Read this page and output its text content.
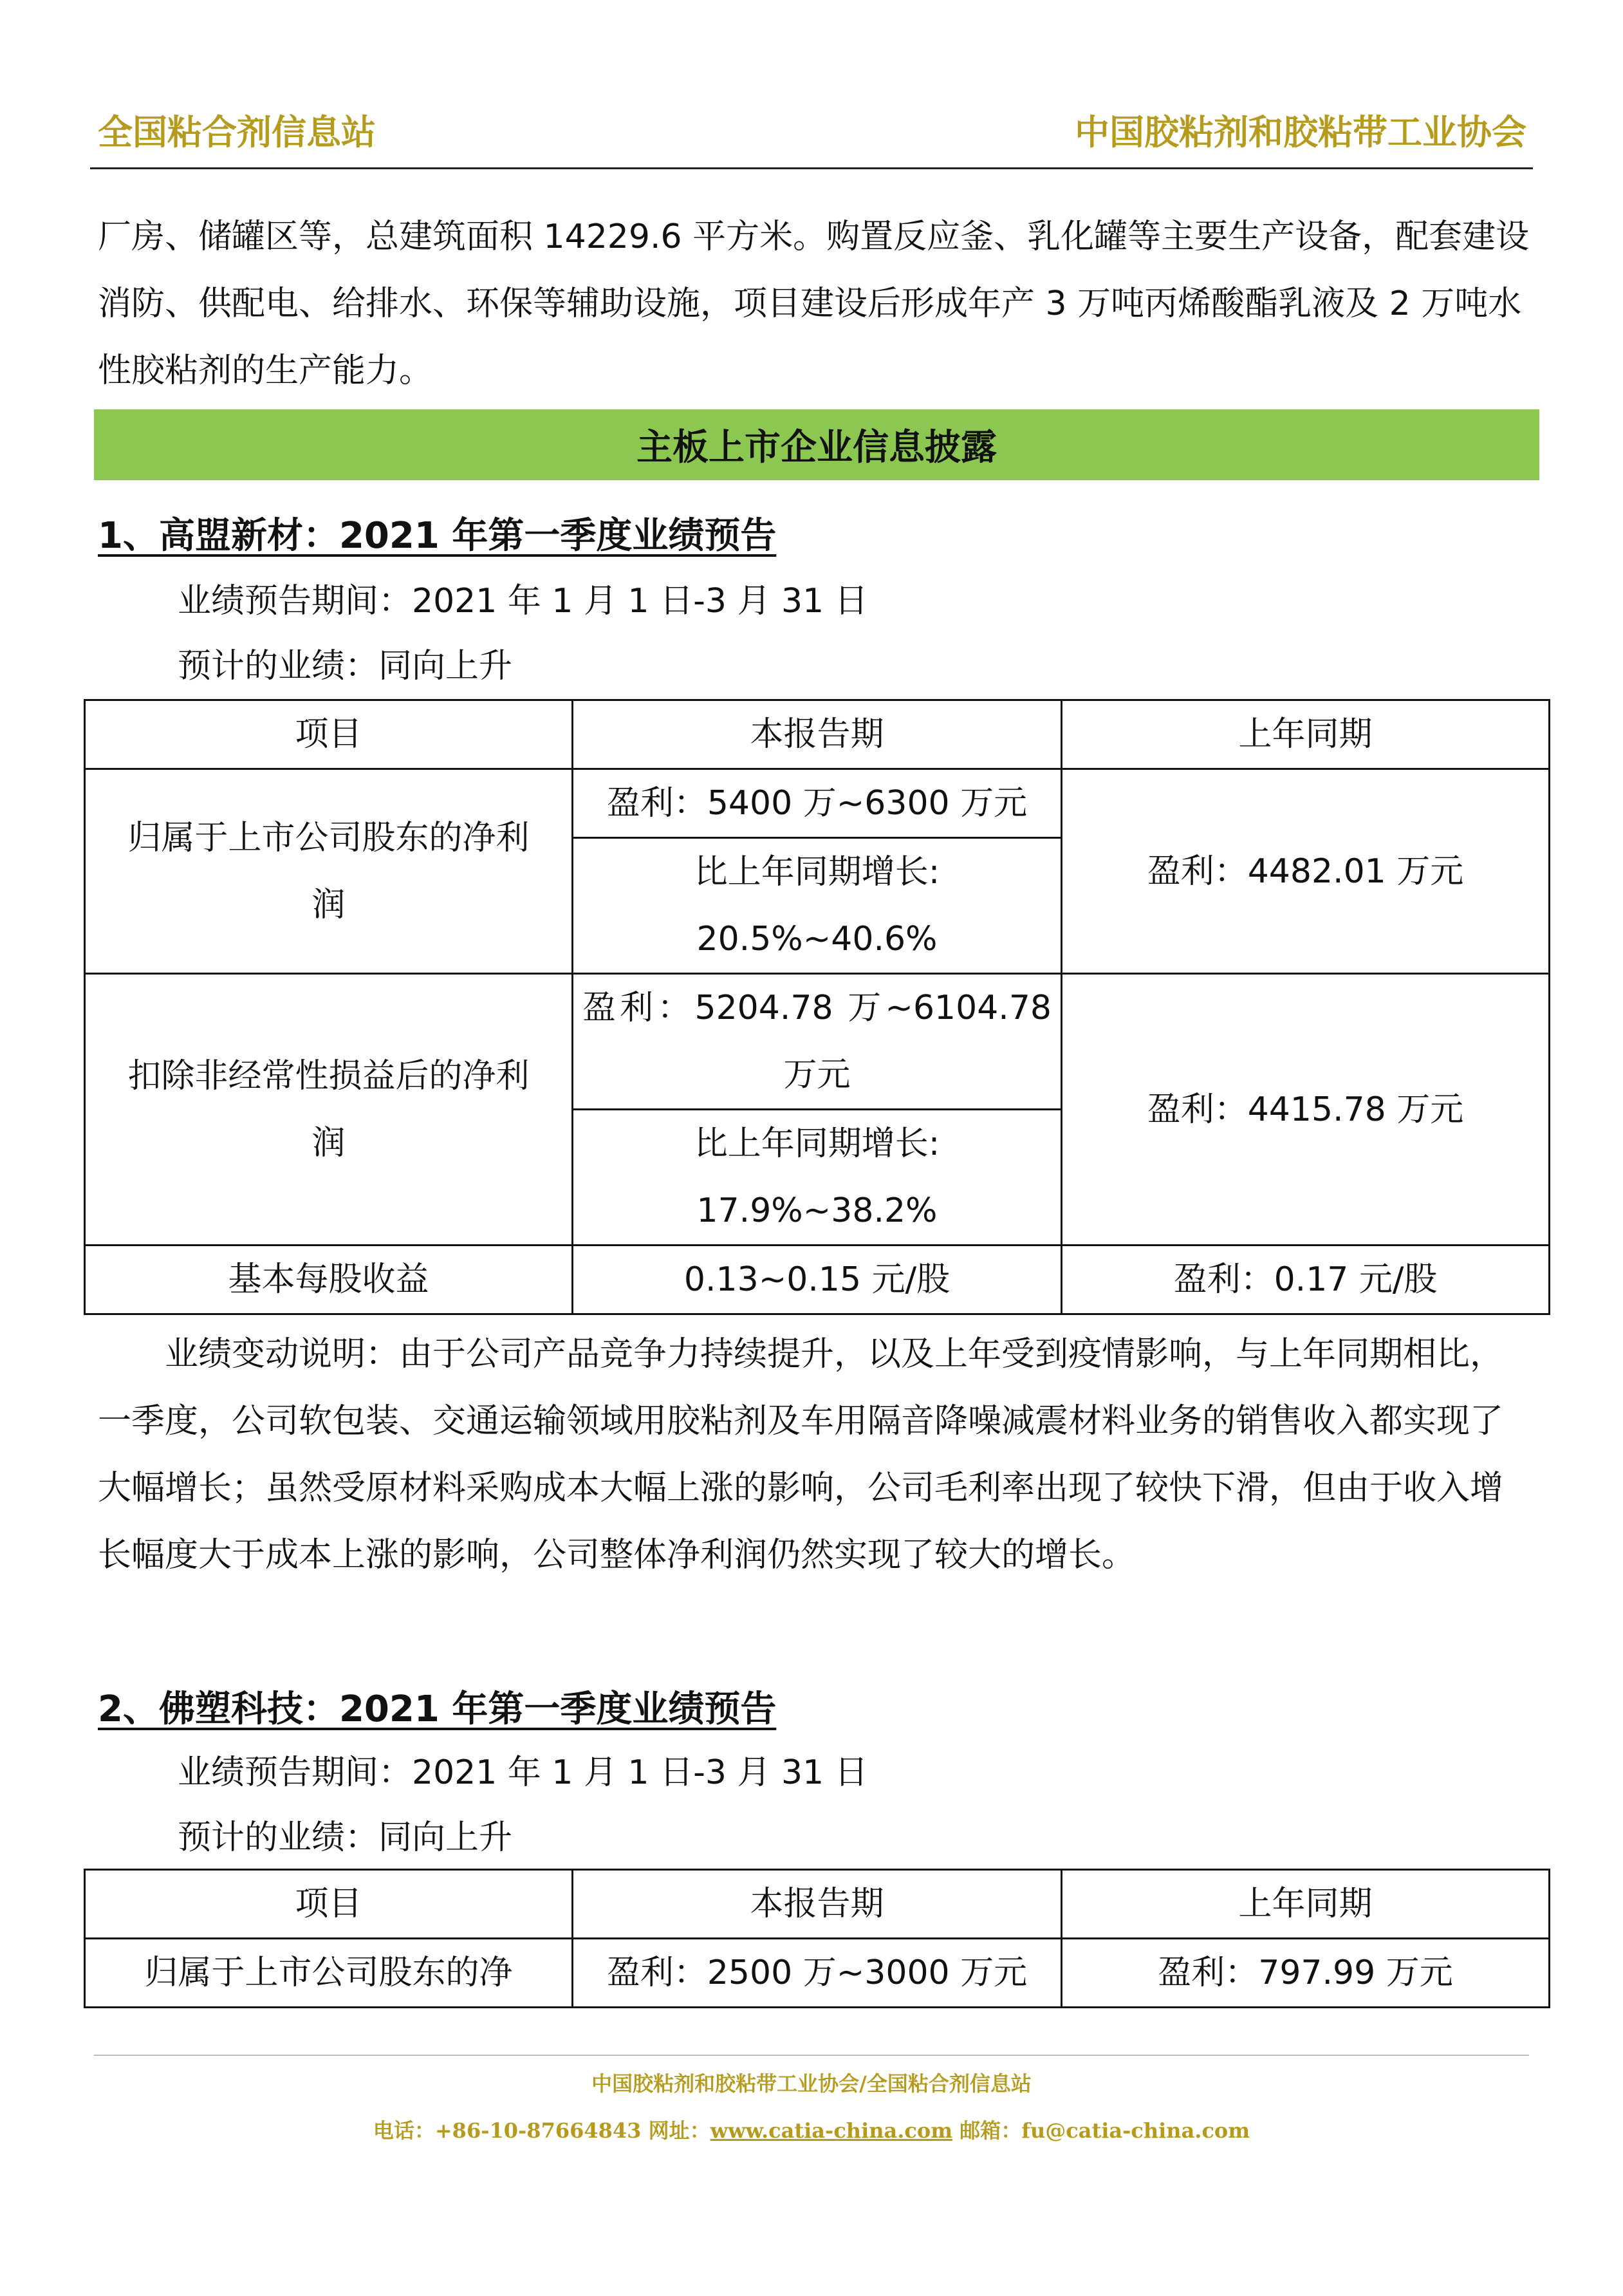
全国粘合剂信息站	中国胶粘剂和胶粘带工业协会

厂房、储罐区等，总建筑面积 14229.6 平方米。购置反应釜、乳化罐等主要生产设备，配套建设消防、供配电、给排水、环保等辅助设施，项目建设后形成年产 3 万吨丙烯酸酯乳液及 2 万吨水性胶粘剂的生产能力。

主板上市企业信息披露
1、高盟新材：2021 年第一季度业绩预告
业绩预告期间：2021 年 1 月 1 日-3 月 31 日
预计的业绩：同向上升
项目	本报告期	上年同期
归属于上市公司股东的净利润	盈利：5400 万~6300 万元	盈利：4482.01 万元

	比上年同期增长:
20.5%~40.6%	

扣除非经常性损益后的净利润	盈利：5204.78 万~6104.78
万元	盈利：4415.78 万元

	比上年同期增长:
17.9%~38.2%	

基本每股收益	0.13~0.15 元/股	盈利：0.17 元/股

业绩变动说明：由于公司产品竞争力持续提升，以及上年受到疫情影响，与上年同期相比，一季度，公司软包装、交通运输领域用胶粘剂及车用隔音降噪减震材料业务的销售收入都实现了大幅增长；虽然受原材料采购成本大幅上涨的影响，公司毛利率出现了较快下滑，但由于收入增长幅度大于成本上涨的影响，公司整体净利润仍然实现了较大的增长。

2、佛塑科技：2021 年第一季度业绩预告
业绩预告期间：2021 年 1 月 1 日-3 月 31 日
预计的业绩：同向上升
项目	本报告期	上年同期
归属于上市公司股东的净	盈利：2500 万~3000 万元	盈利：797.99 万元
中国胶粘剂和胶粘带工业协会/全国粘合剂信息站
电话：+86-10-87664843 网址：www.catia-china.com 邮箱：fu@catia-china.com
